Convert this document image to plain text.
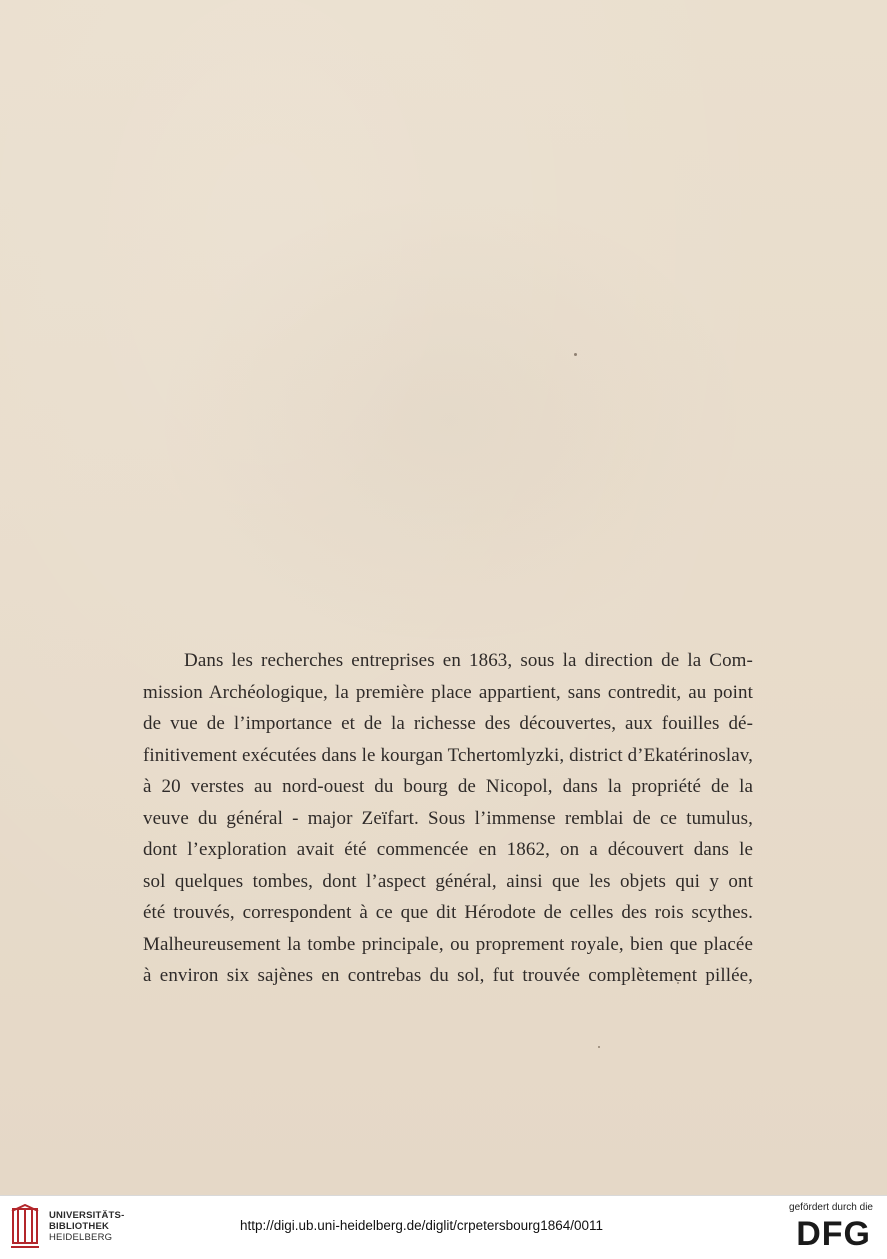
Dans les recherches entreprises en 1863, sous la direction de la Com-
mission Archéologique, la première place appartient, sans contredit, au point
de vue de l’importance et de la richesse des découvertes, aux fouilles dé-
finitivement exécutées dans le kourgan Tchertomlyzki, district d’Ekatérinoslav,
à 20 verstes au nord-ouest du bourg de Nicopol, dans la propriété de la
veuve du général - major Zeïfart. Sous l’immense remblai de ce tumulus,
dont l’exploration avait été commencée en 1862, on a découvert dans le
sol quelques tombes, dont l’aspect général, ainsi que les objets qui y ont
été trouvés, correspondent à ce que dit Hérodote de celles des rois scythes.
Malheureusement la tombe principale, ou proprement royale, bien que placée
à environ six sajènes en contrebas du sol, fut trouvée complètement pillée,
UNIVERSITÄTS-
BIBLIOTHEK
HEIDELBERG
http://digi.ub.uni-heidelberg.de/diglit/crpetersbourg1864/0011
gefördert durch die
DFG
